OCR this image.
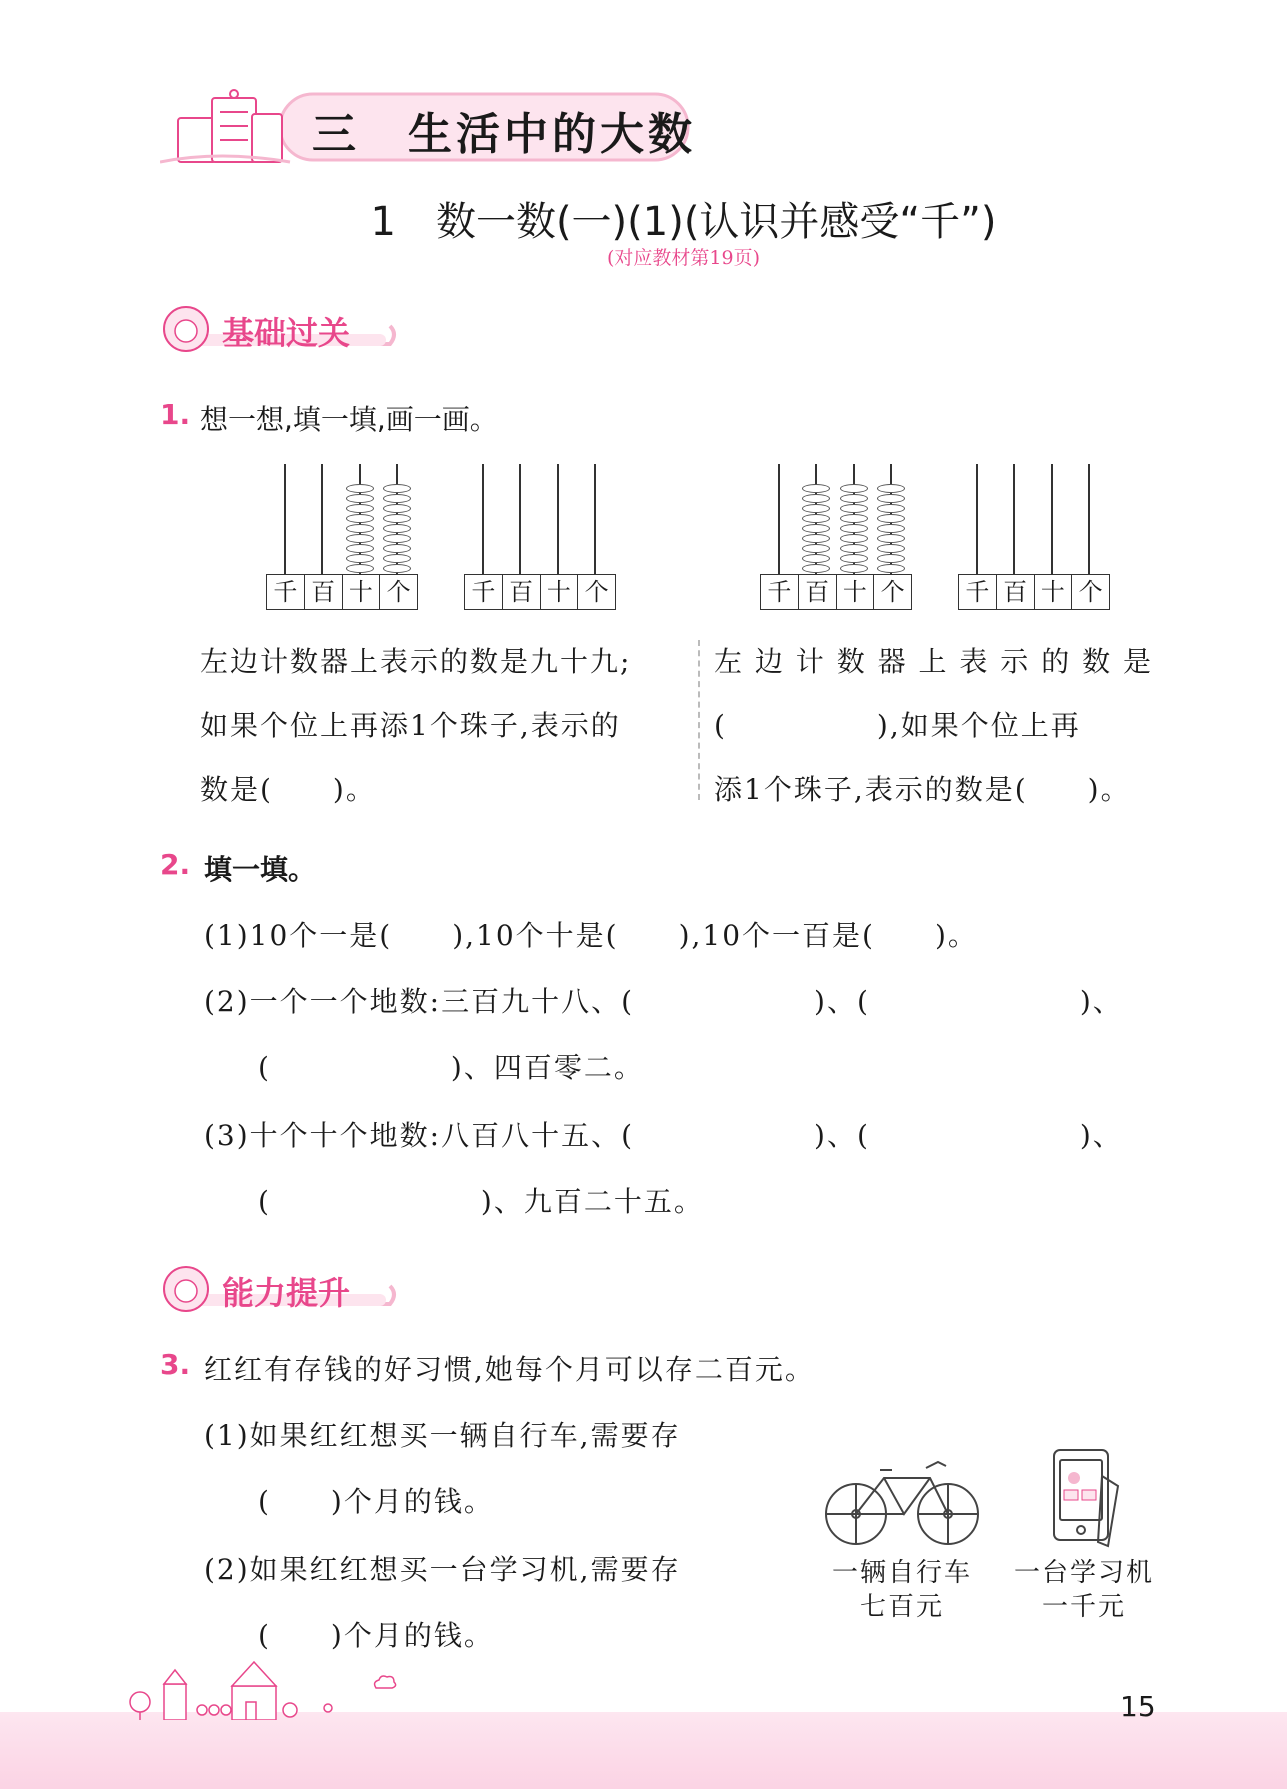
三　生活中的大数
1　数一数(一)(1)(认识并感受“千”)
(对应教材第19页)
基础过关
1. 想一想,填一填,画一画。
千 百 十 个	千 百 十 个	千 百 十 个	千 百 十 个
左边计数器上表示的数是九十九;
如果个位上再添1个珠子,表示的
数是(　　)。
左 边 计 数 器 上 表 示 的 数 是
(　　　　　),如果个位上再
添1个珠子,表示的数是(　　)。
2. 填一填。
(1)10个一是(　　),10个十是(　　),10个一百是(　　)。
(2)一个一个地数:三百九十八、(　　　　　　)、(　　　　　　　)、
(　　　　　　)、四百零二。
(3)十个十个地数:八百八十五、(　　　　　　)、(　　　　　　　)、
(　　　　　　　)、九百二十五。
能力提升
3. 红红有存钱的好习惯,她每个月可以存二百元。
(1)如果红红想买一辆自行车,需要存
(　　)个月的钱。
(2)如果红红想买一台学习机,需要存
(　　)个月的钱。
一辆自行车
七百元
一台学习机
一千元
15
